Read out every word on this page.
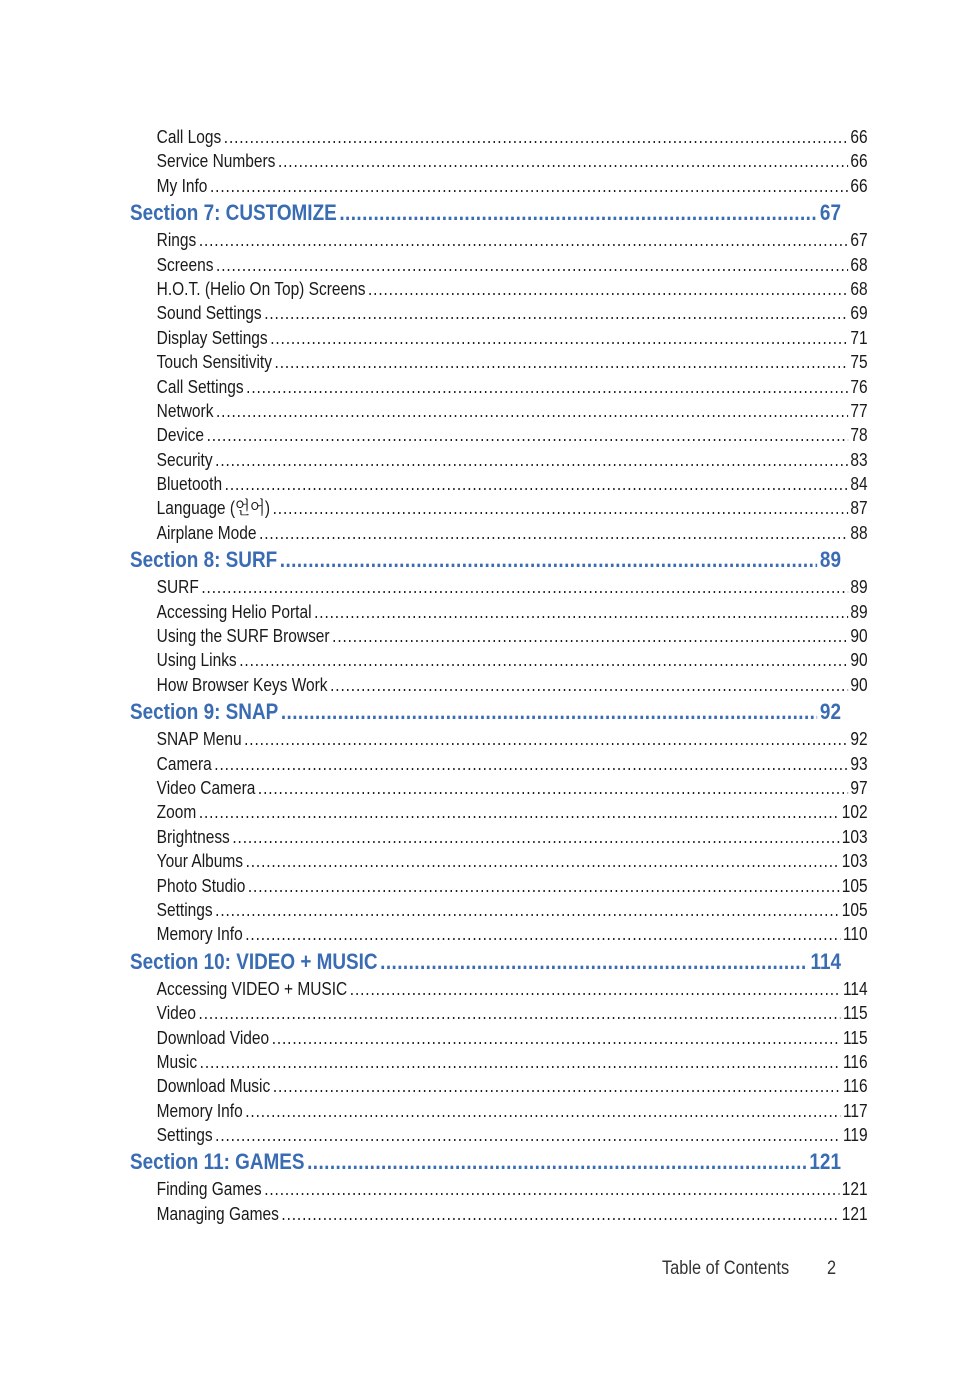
Call Logs .....	66
Service Numbers .....	66
My Info .....	66
Section 7: CUSTOMIZE .....	67
Rings .....	67
Screens .....	68
H.O.T. (Helio On Top) Screens .....	68
Sound Settings .....	69
Display Settings .....	71
Touch Sensitivity .....	75
Call Settings .....	76
Network .....	77
Device .....	78
Security .....	83
Bluetooth .....	84
Language (언어) .....	87
Airplane Mode .....	88
Section 8: SURF .....	89
SURF .....	89
Accessing Helio Portal .....	89
Using the SURF Browser .....	90
Using Links .....	90
How Browser Keys Work .....	90
Section 9: SNAP .....	92
SNAP Menu .....	92
Camera .....	93
Video Camera .....	97
Zoom .....	102
Brightness .....	103
Your Albums .....	103
Photo Studio .....	105
Settings .....	105
Memory Info .....	110
Section 10: VIDEO + MUSIC .....	114
Accessing VIDEO + MUSIC .....	114
Video .....	115
Download Video .....	115
Music .....	116
Download Music .....	116
Memory Info .....	117
Settings .....	119
Section 11: GAMES .....	121
Finding Games .....	121
Managing Games .....	121
Table of Contents 2
